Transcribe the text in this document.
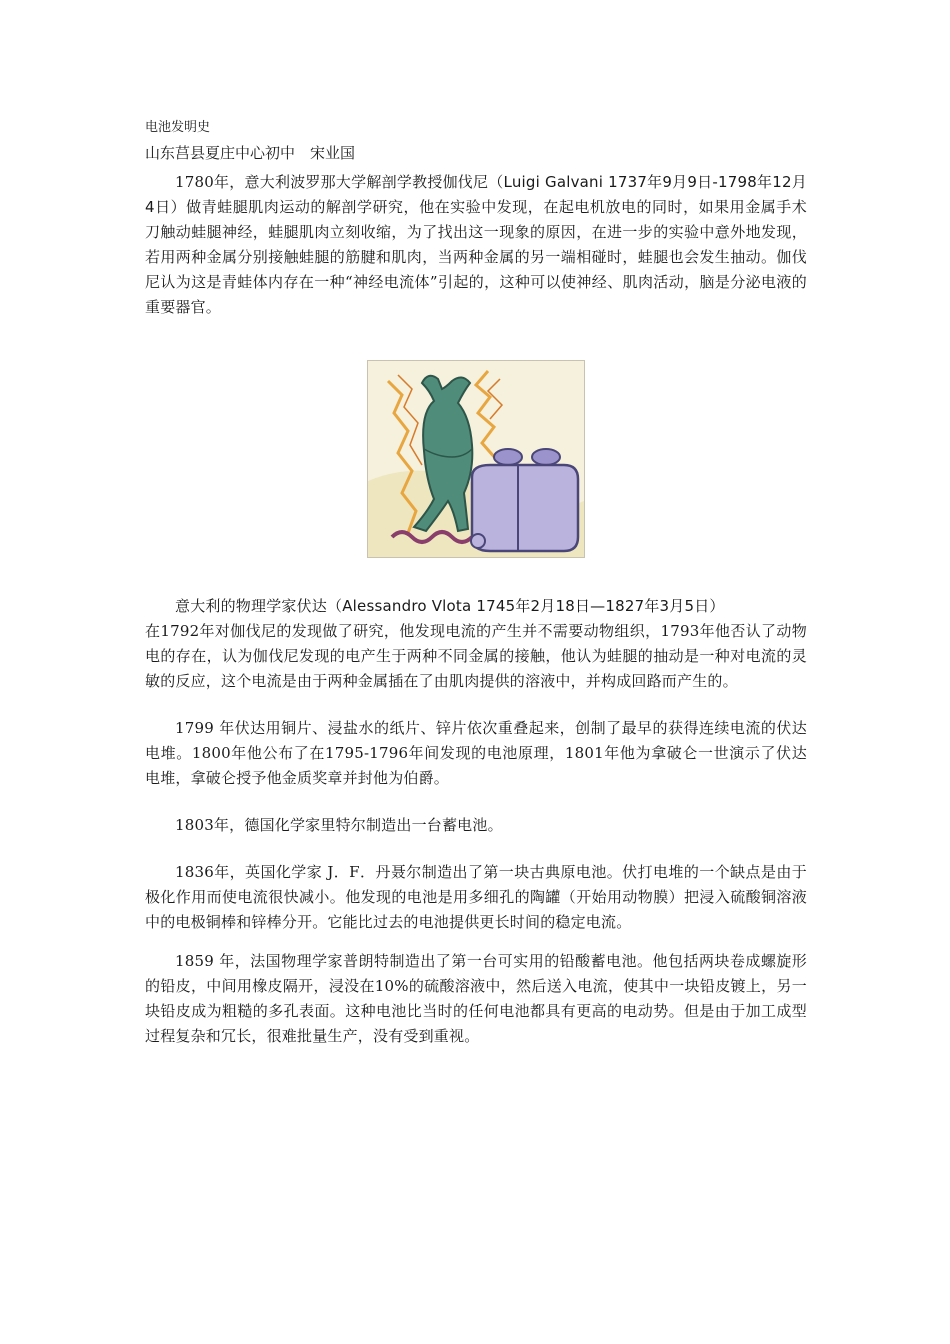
电池发明史
山东莒县夏庄中心初中　宋业国

1780年，意大利波罗那大学解剖学教授伽伐尼（Luigi Galvani 1737年9月9日-1798年12月4日）做青蛙腿肌肉运动的解剖学研究，他在实验中发现，在起电机放电的同时，如果用金属手术刀触动蛙腿神经，蛙腿肌肉立刻收缩，为了找出这一现象的原因，在进一步的实验中意外地发现，若用两种金属分别接触蛙腿的筋腱和肌肉，当两种金属的另一端相碰时，蛙腿也会发生抽动。伽伐尼认为这是青蛙体内存在一种“神经电流体”引起的，这种可以使神经、肌肉活动，脑是分泌电液的重要器官。

意大利的物理学家伏达（Alessandro Vlota 1745年2月18日—1827年3月5日）

在1792年对伽伐尼的发现做了研究，他发现电流的产生并不需要动物组织，1793年他否认了动物电的存在，认为伽伐尼发现的电产生于两种不同金属的接触，他认为蛙腿的抽动是一种对电流的灵敏的反应，这个电流是由于两种金属插在了由肌肉提供的溶液中，并构成回路而产生的。

1799 年伏达用铜片、浸盐水的纸片、锌片依次重叠起来，创制了最早的获得连续电流的伏达电堆。1800年他公布了在1795-1796年间发现的电池原理，1801年他为拿破仑一世演示了伏达电堆，拿破仑授予他金质奖章并封他为伯爵。

1803年，德国化学家里特尔制造出一台蓄电池。

1836年，英国化学家 J．F．丹聂尔制造出了第一块古典原电池。伏打电堆的一个缺点是由于极化作用而使电流很快减小。他发现的电池是用多细孔的陶罐（开始用动物膜）把浸入硫酸铜溶液中的电极铜棒和锌棒分开。它能比过去的电池提供更长时间的稳定电流。

1859 年，法国物理学家普朗特制造出了第一台可实用的铅酸蓄电池。他包括两块卷成螺旋形的铅皮，中间用橡皮隔开，浸没在10%的硫酸溶液中，然后送入电流，使其中一块铅皮镀上，另一块铅皮成为粗糙的多孔表面。这种电池比当时的任何电池都具有更高的电动势。但是由于加工成型过程复杂和冗长，很难批量生产，没有受到重视。
